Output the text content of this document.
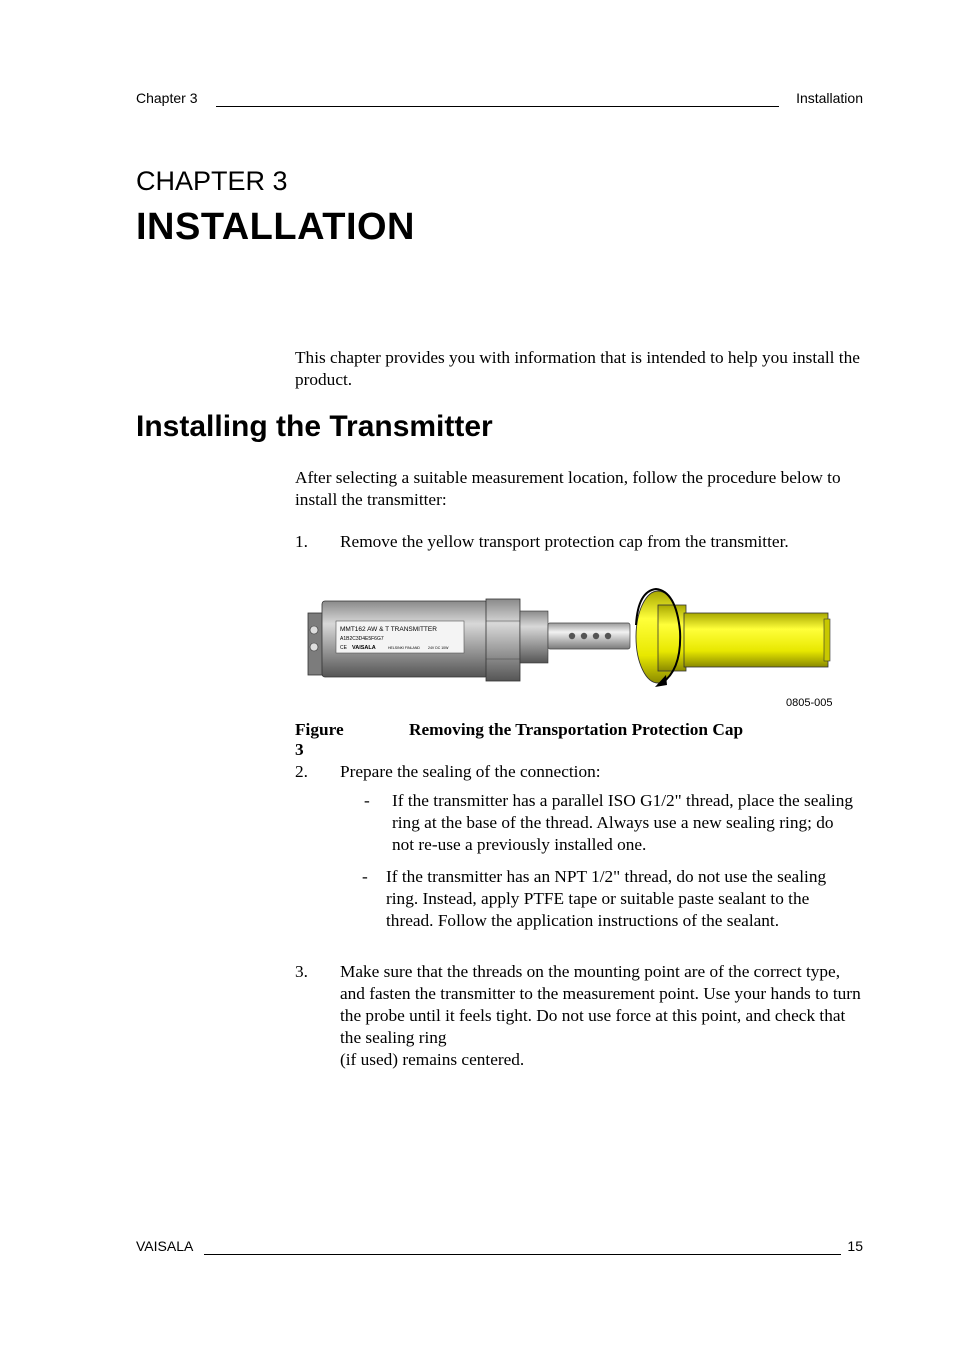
Chapter 3	Installation
CHAPTER 3
INSTALLATION
This chapter provides you with information that is intended to help you install the product.
Installing the Transmitter
After selecting a suitable measurement location, follow the procedure below to install the transmitter:
1. Remove the yellow transport protection cap from the transmitter.
MMT162 AW & T TRANSMITTER
A1B2C3D4E5F6G7
VAISALA	HELSINKI FINLAND 24V DC 10W
CE
0805-005
Figure 3
Removing the Transportation Protection Cap
2. Prepare the sealing of the connection:
- If the transmitter has a parallel ISO G1/2" thread, place the sealing ring at the base of the thread. Always use a new sealing ring; do not re-use a previously installed one.
- If the transmitter has an NPT 1/2" thread, do not use the sealing ring. Instead, apply PTFE tape or suitable paste sealant to the thread. Follow the application instructions of the sealant.
3. Make sure that the threads on the mounting point are of the correct type, and fasten the transmitter to the measurement point. Use your hands to turn the probe until it feels tight. Do not use force at this point, and check that the sealing ring
(if used) remains centered.
VAISALA	15
